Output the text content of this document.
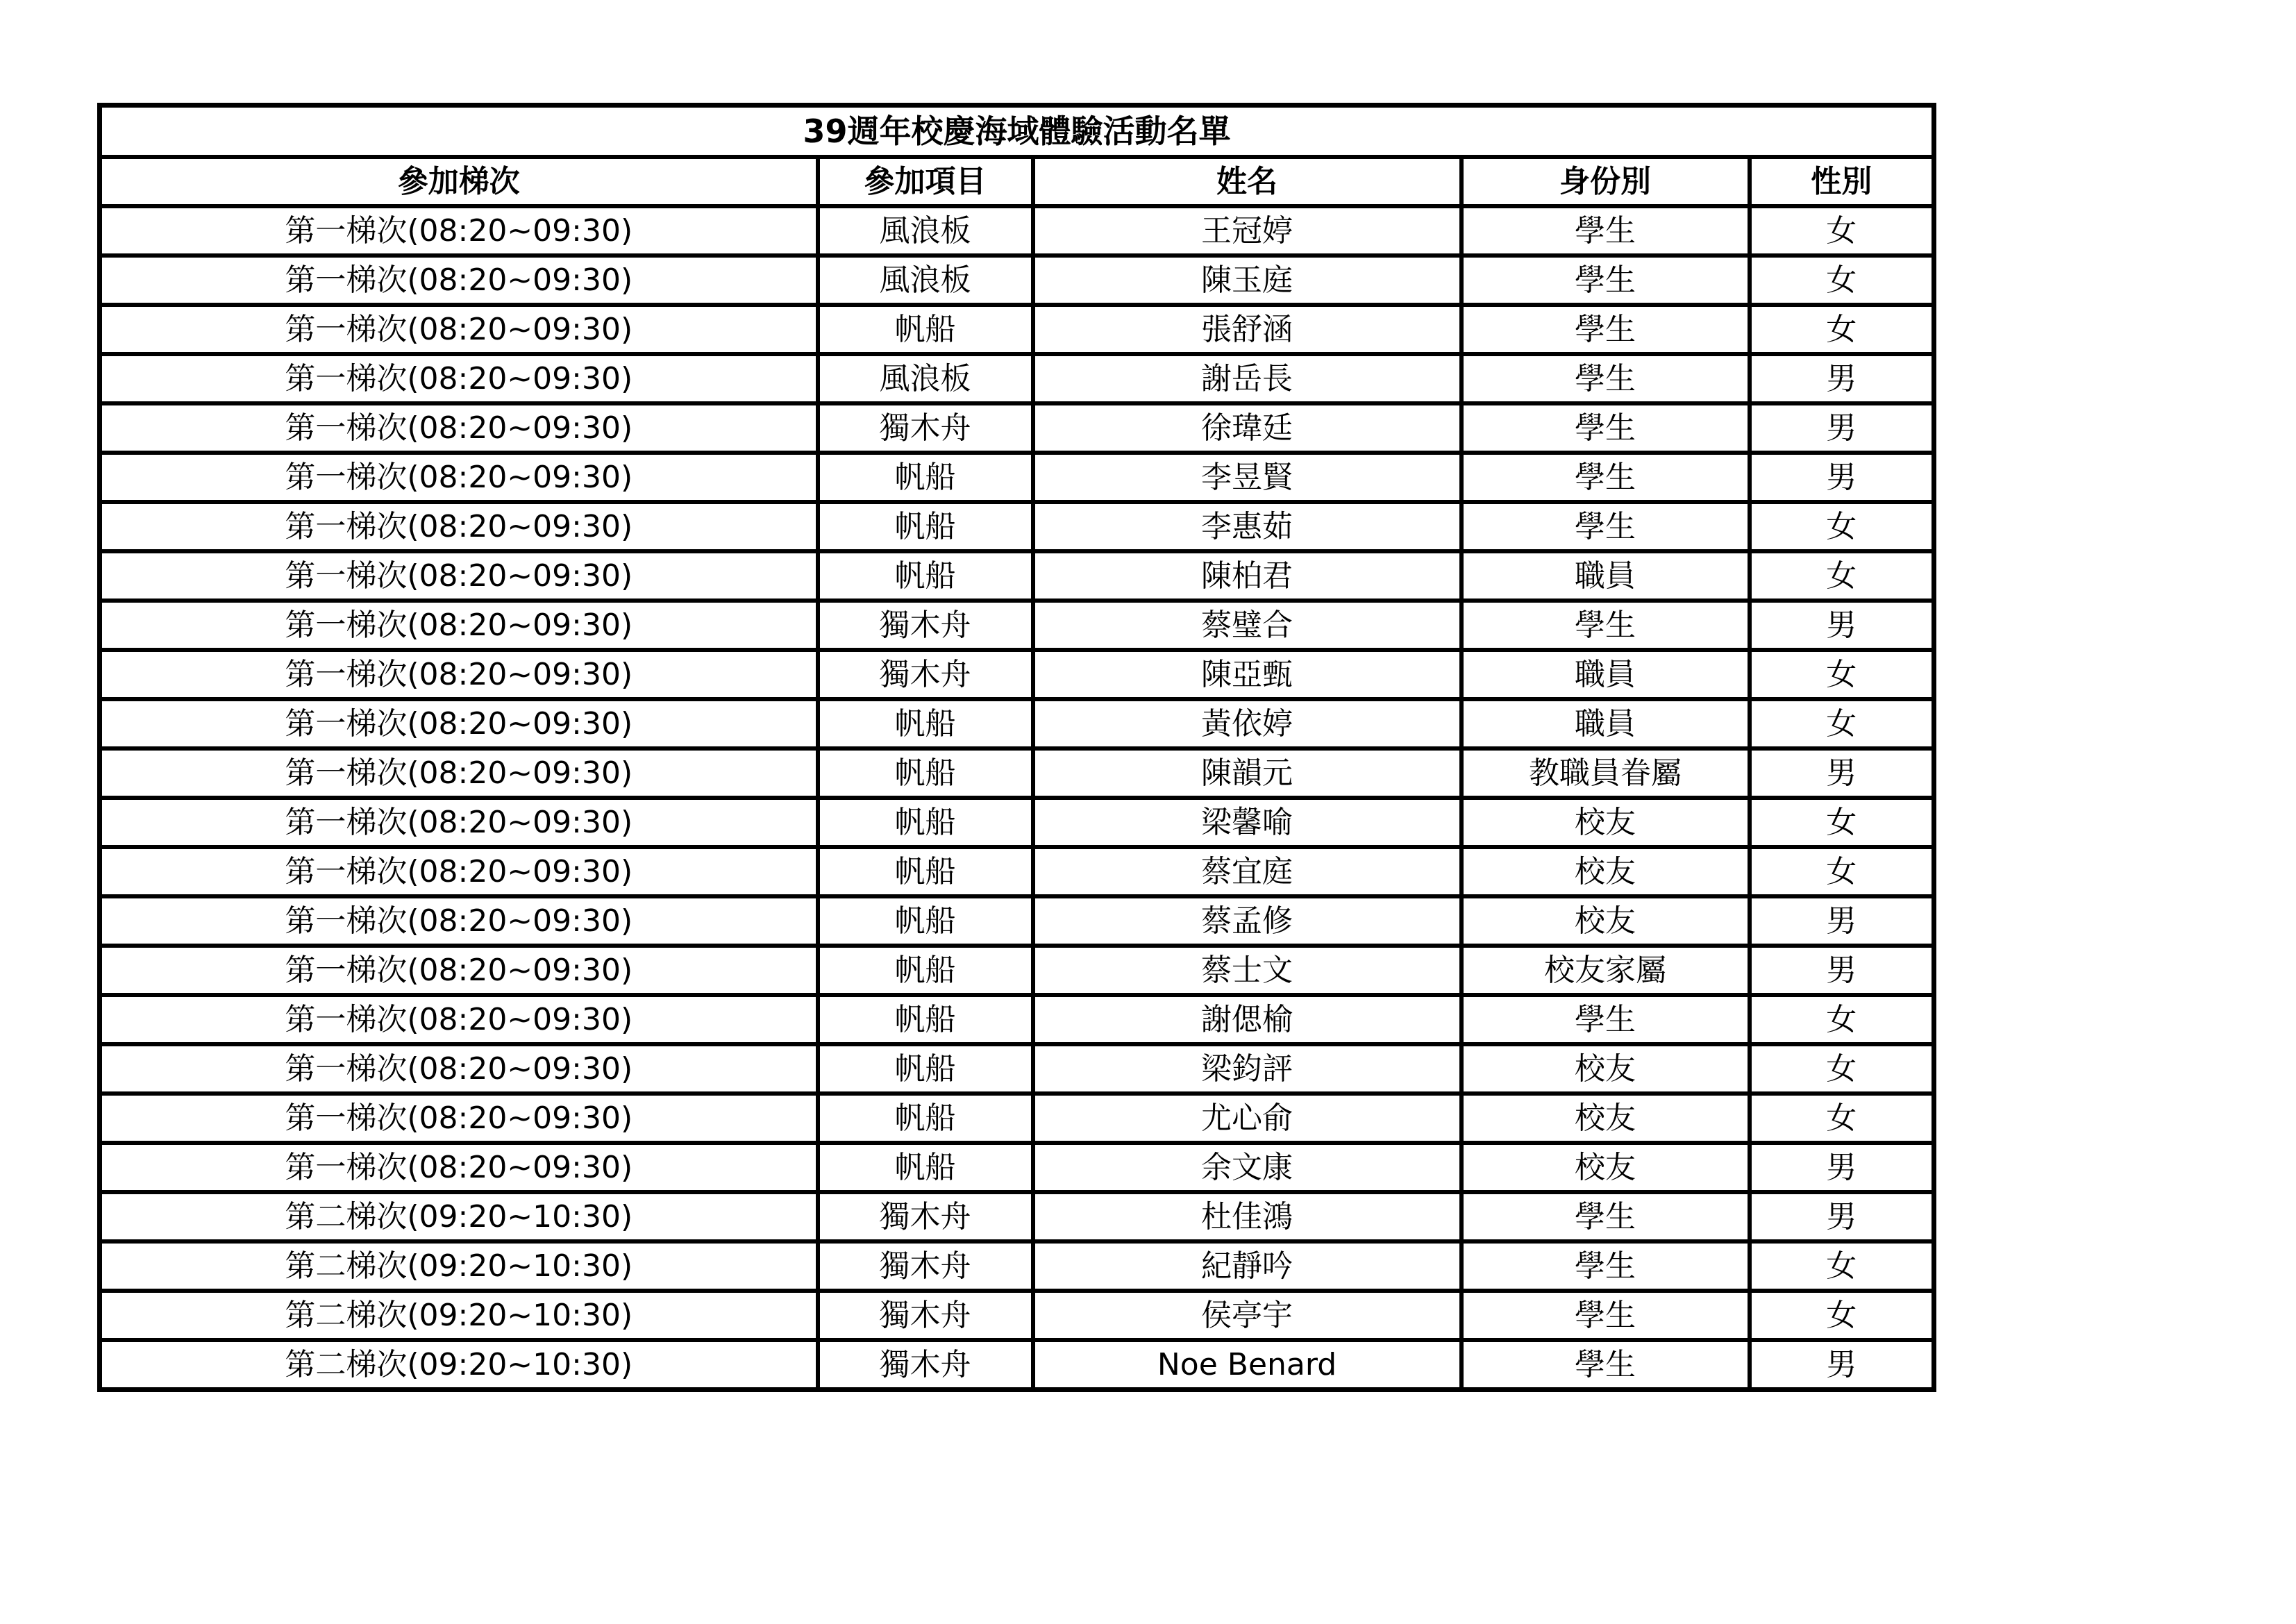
39週年校慶海域體驗活動名單				
參加梯次	參加項目	姓名	身份別	性別
第一梯次(08:20~09:30)	風浪板	王冠婷	學生	女
第一梯次(08:20~09:30)	風浪板	陳玉庭	學生	女
第一梯次(08:20~09:30)	帆船	張舒涵	學生	女
第一梯次(08:20~09:30)	風浪板	謝岳長	學生	男
第一梯次(08:20~09:30)	獨木舟	徐瑋廷	學生	男
第一梯次(08:20~09:30)	帆船	李昱賢	學生	男
第一梯次(08:20~09:30)	帆船	李惠茹	學生	女
第一梯次(08:20~09:30)	帆船	陳柏君	職員	女
第一梯次(08:20~09:30)	獨木舟	蔡璧合	學生	男
第一梯次(08:20~09:30)	獨木舟	陳亞甄	職員	女
第一梯次(08:20~09:30)	帆船	黃依婷	職員	女
第一梯次(08:20~09:30)	帆船	陳韻元	教職員眷屬	男
第一梯次(08:20~09:30)	帆船	梁馨喻	校友	女
第一梯次(08:20~09:30)	帆船	蔡宜庭	校友	女
第一梯次(08:20~09:30)	帆船	蔡孟修	校友	男
第一梯次(08:20~09:30)	帆船	蔡士文	校友家屬	男
第一梯次(08:20~09:30)	帆船	謝偲榆	學生	女
第一梯次(08:20~09:30)	帆船	梁鈞評	校友	女
第一梯次(08:20~09:30)	帆船	尤心俞	校友	女
第一梯次(08:20~09:30)	帆船	余文康	校友	男
第二梯次(09:20~10:30)	獨木舟	杜佳鴻	學生	男
第二梯次(09:20~10:30)	獨木舟	紀靜吟	學生	女
第二梯次(09:20~10:30)	獨木舟	侯亭宇	學生	女
第二梯次(09:20~10:30)	獨木舟	Noe Benard	學生	男
